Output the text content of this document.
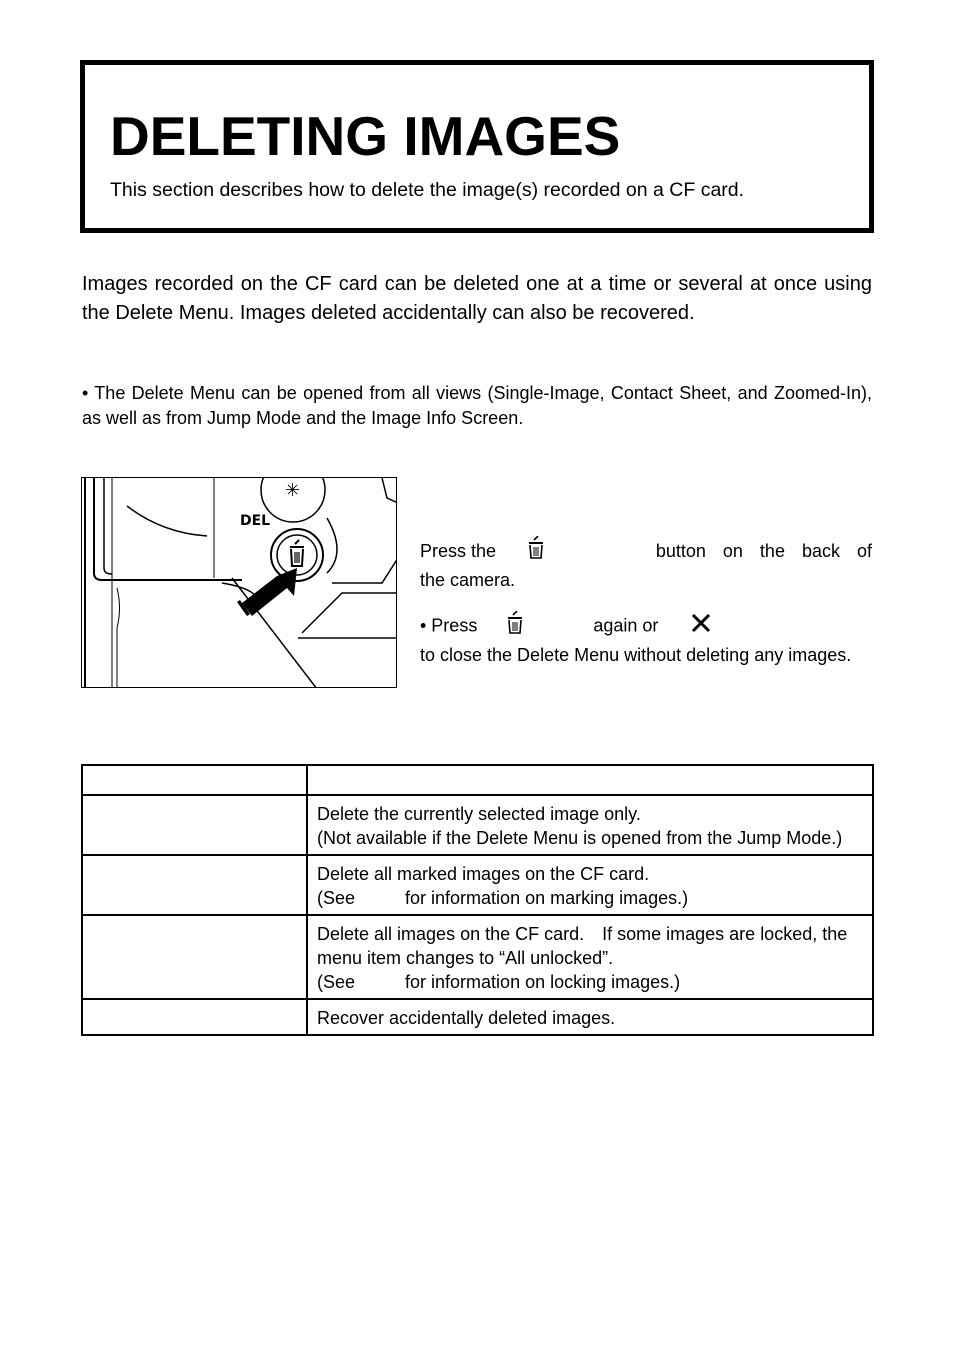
DELETING IMAGES
This section describes how to delete the image(s) recorded on a CF card.

Images recorded on the CF card can be deleted one at a time or several at once using the Delete Menu. Images deleted accidentally can also be recovered.

• The Delete Menu can be opened from all views (Single-Image, Contact Sheet, and Zoomed-In), as well as from Jump Mode and the Image Info Screen.

✳
DEL
Press the	button on the back of
the camera.
• Press	again or
to close the Delete Menu without deleting any images.

	Delete the currently selected image only.
(Not available if the Delete Menu is opened from the Jump Mode.)

	Delete all marked images on the CF card.
(See for information on marking images.)

	Delete all images on the CF card.　If some images are locked, the menu item changes to “All unlocked”.
(See for information on locking images.)

	Recover accidentally deleted images.
